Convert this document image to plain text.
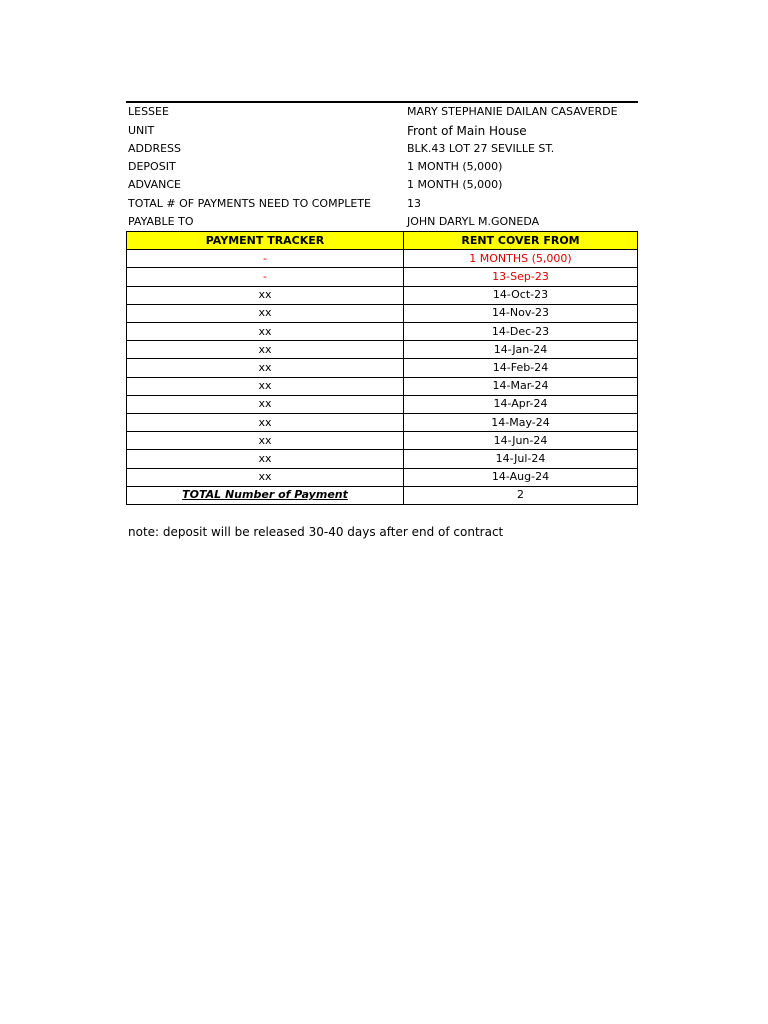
LESSEE	MARY STEPHANIE DAILAN CASAVERDE
UNIT	Front of Main House
ADDRESS	BLK.43 LOT 27 SEVILLE ST.
DEPOSIT	1 MONTH (5,000)
ADVANCE	1 MONTH (5,000)
TOTAL # OF PAYMENTS NEED TO COMPLETE	13
PAYABLE TO	JOHN DARYL M.GONEDA
PAYMENT TRACKER	RENT COVER FROM
-	1 MONTHS (5,000)
-	13-Sep-23
xx	14-Oct-23
xx	14-Nov-23
xx	14-Dec-23
xx	14-Jan-24
xx	14-Feb-24
xx	14-Mar-24
xx	14-Apr-24
xx	14-May-24
xx	14-Jun-24
xx	14-Jul-24
xx	14-Aug-24
TOTAL Number of Payment	2
note: deposit will be released 30-40 days after end of contract
